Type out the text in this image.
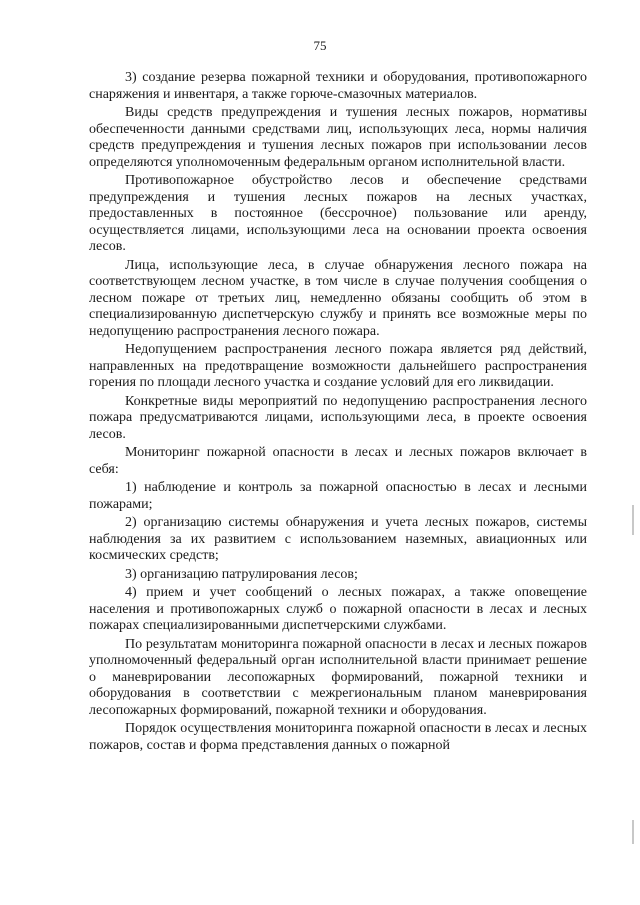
75

3) создание резерва пожарной техники и оборудования, противопожарного снаряжения и инвентаря, а также горюче-смазочных материалов.

Виды средств предупреждения и тушения лесных пожаров, нормативы обеспеченности данными средствами лиц, использующих леса, нормы наличия средств предупреждения и тушения лесных пожаров при использовании лесов определяются уполномоченным федеральным органом исполнительной власти.

Противопожарное обустройство лесов и обеспечение средствами предупреждения и тушения лесных пожаров на лесных участках, предоставленных в постоянное (бессрочное) пользование или аренду, осуществляется лицами, использующими леса на основании проекта освоения лесов.

Лица, использующие леса, в случае обнаружения лесного пожара на соответствующем лесном участке, в том числе в случае получения сообщения о лесном пожаре от третьих лиц, немедленно обязаны сообщить об этом в специализированную диспетчерскую службу и принять все возможные меры по недопущению распространения лесного пожара.

Недопущением распространения лесного пожара является ряд действий, направленных на предотвращение возможности дальнейшего распространения горения по площади лесного участка и создание условий для его ликвидации.

Конкретные виды мероприятий по недопущению распространения лесного пожара предусматриваются лицами, использующими леса, в проекте освоения лесов.

Мониторинг пожарной опасности в лесах и лесных пожаров включает в себя:

1) наблюдение и контроль за пожарной опасностью в лесах и лесными пожарами;

2) организацию системы обнаружения и учета лесных пожаров, системы наблюдения за их развитием с использованием наземных, авиационных или космических средств;

3) организацию патрулирования лесов;

4) прием и учет сообщений о лесных пожарах, а также оповещение населения и противопожарных служб о пожарной опасности в лесах и лесных пожарах специализированными диспетчерскими службами.

По результатам мониторинга пожарной опасности в лесах и лесных пожаров уполномоченный федеральный орган исполнительной власти принимает решение о маневрировании лесопожарных формирований, пожарной техники и оборудования в соответствии с межрегиональным планом маневрирования лесопожарных формирований, пожарной техники и оборудования.

Порядок осуществления мониторинга пожарной опасности в лесах и лесных пожаров, состав и форма представления данных о пожарной
